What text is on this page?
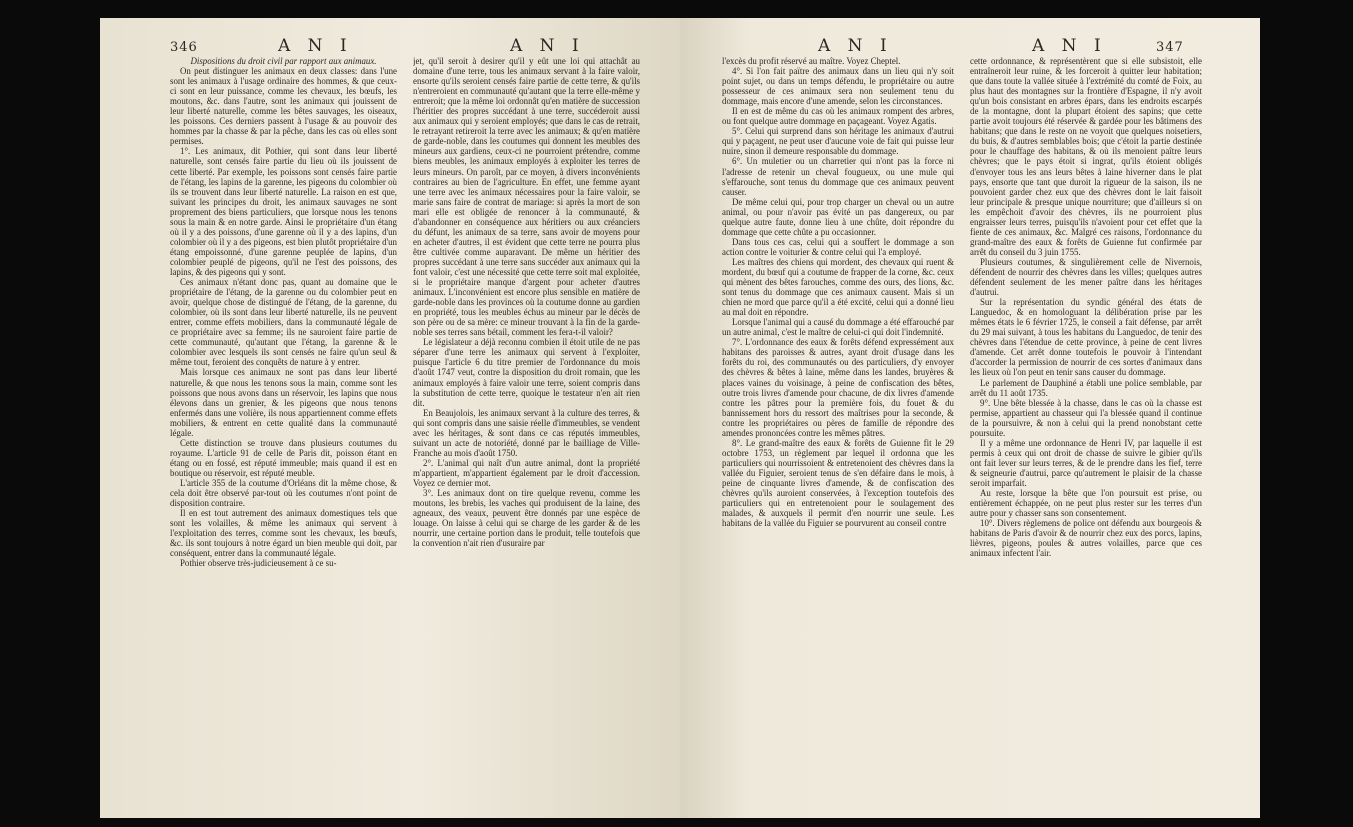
346	A N I	A N I

Dispositions du droit civil par rapport aux animaux.

On peut distinguer les animaux en deux classes: dans l'une sont les animaux à l'usage ordinaire des hommes, & que ceux-ci sont en leur puissance, comme les chevaux, les bœufs, les moutons, &c. dans l'autre, sont les animaux qui jouissent de leur liberté naturelle, comme les bêtes sauvages, les oiseaux, les poissons. Ces derniers passent à l'usage & au pouvoir des hommes par la chasse & par la pêche, dans les cas où elles sont permises.

1°. Les animaux, dit Pothier, qui sont dans leur liberté naturelle, sont censés faire partie du lieu où ils jouissent de cette liberté. Par exemple, les poissons sont censés faire partie de l'étang, les lapins de la garenne, les pigeons du colombier où ils se trouvent dans leur liberté naturelle. La raison en est que, suivant les principes du droit, les animaux sauvages ne sont proprement des biens particuliers, que lorsque nous les tenons sous la main & en notre garde. Ainsi le propriétaire d'un étang où il y a des poissons, d'une garenne où il y a des lapins, d'un colombier où il y a des pigeons, est bien plutôt propriétaire d'un étang empoissonné, d'une garenne peuplée de lapins, d'un colombier peuplé de pigeons, qu'il ne l'est des poissons, des lapins, & des pigeons qui y sont.

Ces animaux n'étant donc pas, quant au domaine que le propriétaire de l'étang, de la garenne ou du colombier peut en avoir, quelque chose de distingué de l'étang, de la garenne, du colombier, où ils sont dans leur liberté naturelle, ils ne peuvent entrer, comme effets mobiliers, dans la communauté légale de ce propriétaire avec sa femme; ils ne sauroient faire partie de cette communauté, qu'autant que l'étang, la garenne & le colombier avec lesquels ils sont censés ne faire qu'un seul & même tout, feroient des conquêts de nature à y entrer.

Mais lorsque ces animaux ne sont pas dans leur liberté naturelle, & que nous les tenons sous la main, comme sont les poissons que nous avons dans un réservoir, les lapins que nous élevons dans un grenier, & les pigeons que nous tenons enfermés dans une volière, ils nous appartiennent comme effets mobiliers, & entrent en cette qualité dans la communauté légale.

Cette distinction se trouve dans plusieurs coutumes du royaume. L'article 91 de celle de Paris dit, poisson étant en étang ou en fossé, est réputé immeuble; mais quand il est en boutique ou réservoir, est réputé meuble.

L'article 355 de la coutume d'Orléans dit la même chose, & cela doit être observé par-tout où les coutumes n'ont point de disposition contraire.

Il en est tout autrement des animaux domestiques tels que sont les volailles, & même les animaux qui servent à l'exploitation des terres, comme sont les chevaux, les bœufs, &c. ils sont toujours à notre égard un bien meuble qui doit, par conséquent, entrer dans la communauté légale.

Pothier observe très-judicieusement à ce su-

jet, qu'il seroit à desirer qu'il y eût une loi qui attachât au domaine d'une terre, tous les animaux servant à la faire valoir, ensorte qu'ils seroient censés faire partie de cette terre, & qu'ils n'entreroient en communauté qu'autant que la terre elle-même y entreroit; que la même loi ordonnât qu'en matière de succession l'héritier des propres succédant à une terre, succéderoit aussi aux animaux qui y seroient employés; que dans le cas de retrait, le retrayant retireroit la terre avec les animaux; & qu'en matière de garde-noble, dans les coutumes qui donnent les meubles des mineurs aux gardiens, ceux-ci ne pourroient prétendre, comme biens meubles, les animaux employés à exploiter les terres de leurs mineurs. On paroît, par ce moyen, à divers inconvénients contraires au bien de l'agriculture. En effet, une femme ayant une terre avec les animaux nécessaires pour la faire valoir, se marie sans faire de contrat de mariage: si après la mort de son mari elle est obligée de renoncer à la communauté, & d'abandonner en conséquence aux héritiers ou aux créanciers du défunt, les animaux de sa terre, sans avoir de moyens pour en acheter d'autres, il est évident que cette terre ne pourra plus être cultivée comme auparavant. De même un héritier des propres succédant à une terre sans succéder aux animaux qui la font valoir, c'est une nécessité que cette terre soit mal exploitée, si le propriétaire manque d'argent pour acheter d'autres animaux. L'inconvénient est encore plus sensible en matière de garde-noble dans les provinces où la coutume donne au gardien en propriété, tous les meubles échus au mineur par le décès de son père ou de sa mère: ce mineur trouvant à la fin de la garde-noble ses terres sans bétail, comment les fera-t-il valoir?

Le législateur a déjà reconnu combien il étoit utile de ne pas séparer d'une terre les animaux qui servent à l'exploiter, puisque l'article 6 du titre premier de l'ordonnance du mois d'août 1747 veut, contre la disposition du droit romain, que les animaux employés à faire valoir une terre, soient compris dans la substitution de cette terre, quoique le testateur n'en ait rien dit.

En Beaujolois, les animaux servant à la culture des terres, & qui sont compris dans une saisie réelle d'immeubles, se vendent avec les héritages, & sont dans ce cas réputés immeubles, suivant un acte de notoriété, donné par le bailliage de Ville-Franche au mois d'août 1750.

2°. L'animal qui naît d'un autre animal, dont la propriété m'appartient, m'appartient également par le droit d'accession. Voyez ce dernier mot.

3°. Les animaux dont on tire quelque revenu, comme les moutons, les brebis, les vaches qui produisent de la laine, des agneaux, des veaux, peuvent être donnés par une espèce de louage. On laisse à celui qui se charge de les garder & de les nourrir, une certaine portion dans le produit, telle toutefois que la convention n'ait rien d'usuraire par

A N I	A N I	347

l'excès du profit réservé au maître. Voyez Cheptel.

4°. Si l'on fait païtre des animaux dans un lieu qui n'y soit point sujet, ou dans un temps défendu, le propriétaire ou autre possesseur de ces animaux sera non seulement tenu du dommage, mais encore d'une amende, selon les circonstances.

Il en est de même du cas où les animaux rompent des arbres, ou font quelque autre dommage en paçageant. Voyez Agatis.

5°. Celui qui surprend dans son héritage les animaux d'autrui qui y paçagent, ne peut user d'aucune voie de fait qui puisse leur nuire, sinon il demeure responsable du dommage.

6°. Un muletier ou un charretier qui n'ont pas la force ni l'adresse de retenir un cheval fougueux, ou une mule qui s'effarouche, sont tenus du dommage que ces animaux peuvent causer.

De même celui qui, pour trop charger un cheval ou un autre animal, ou pour n'avoir pas évité un pas dangereux, ou par quelque autre faute, donne lieu à une chûte, doit répondre du dommage que cette chûte a pu occasionner.

Dans tous ces cas, celui qui a souffert le dommage a son action contre le voiturier & contre celui qui l'a employé.

Les maîtres des chiens qui mordent, des chevaux qui ruent & mordent, du bœuf qui a coutume de frapper de la corne, &c. ceux qui mènent des bêtes farouches, comme des ours, des lions, &c. sont tenus du dommage que ces animaux causent. Mais si un chien ne mord que parce qu'il a été excité, celui qui a donné lieu au mal doit en répondre.

Lorsque l'animal qui a causé du dommage a été effarouché par un autre animal, c'est le maître de celui-ci qui doit l'indemnité.

7°. L'ordonnance des eaux & forêts défend expressément aux habitans des paroisses & autres, ayant droit d'usage dans les forêts du roi, des communautés ou des particuliers, d'y envoyer des chèvres & bêtes à laine, même dans les landes, bruyères & places vaines du voisinage, à peine de confiscation des bêtes, outre trois livres d'amende pour chacune, de dix livres d'amende contre les pâtres pour la première fois, du fouet & du bannissement hors du ressort des maîtrises pour la seconde, & contre les propriétaires ou pères de famille de répondre des amendes prononcées contre les mêmes pâtres.

8°. Le grand-maître des eaux & forêts de Guienne fit le 29 octobre 1753, un règlement par lequel il ordonna que les particuliers qui nourrissoient & entretenoient des chèvres dans la vallée du Figuier, seroient tenus de s'en défaire dans le mois, à peine de cinquante livres d'amende, & de confiscation des chèvres qu'ils auroient conservées, à l'exception toutefois des particuliers qui en entretenoient pour le soulagement des malades, & auxquels il permit d'en nourrir une seule. Les habitans de la vallée du Figuier se pourvurent au conseil contre

cette ordonnance, & représentèrent que si elle subsistoit, elle entraîneroit leur ruine, & les forceroit à quitter leur habitation; que dans toute la vallée située à l'extrémité du comté de Foix, au plus haut des montagnes sur la frontière d'Espagne, il n'y avoit qu'un bois consistant en arbres épars, dans les endroits escarpés de la montagne, dont la plupart étoient des sapins; que cette partie avoit toujours été réservée & gardée pour les bâtimens des habitans; que dans le reste on ne voyoit que quelques noisetiers, du buis, & d'autres semblables bois; que c'étoit la partie destinée pour le chauffage des habitans, & où ils menoient paître leurs chèvres; que le pays étoit si ingrat, qu'ils étoient obligés d'envoyer tous les ans leurs bêtes à laine hiverner dans le plat pays, ensorte que tant que duroit la rigueur de la saison, ils ne pouvoient garder chez eux que des chèvres dont le lait faisoit leur principale & presque unique nourriture; que d'ailleurs si on les empêchoit d'avoir des chèvres, ils ne pourroient plus engraisser leurs terres, puisqu'ils n'avoient pour cet effet que la fiente de ces animaux, &c. Malgré ces raisons, l'ordonnance du grand-maître des eaux & forêts de Guienne fut confirmée par arrêt du conseil du 3 juin 1755.

Plusieurs coutumes, & singulièrement celle de Nivernois, défendent de nourrir des chèvres dans les villes; quelques autres défendent seulement de les mener paître dans les héritages d'autrui.

Sur la représentation du syndic général des états de Languedoc, & en homologuant la délibération prise par les mêmes états le 6 février 1725, le conseil a fait défense, par arrêt du 29 mai suivant, à tous les habitans du Languedoc, de tenir des chèvres dans l'étendue de cette province, à peine de cent livres d'amende. Cet arrêt donne toutefois le pouvoir à l'intendant d'accorder la permission de nourrir de ces sortes d'animaux dans les lieux où l'on peut en tenir sans causer du dommage.

Le parlement de Dauphiné a établi une police semblable, par arrêt du 11 août 1735.

9°. Une bête blessée à la chasse, dans le cas où la chasse est permise, appartient au chasseur qui l'a blessée quand il continue de la poursuivre, & non à celui qui la prend nonobstant cette poursuite.

Il y a même une ordonnance de Henri IV, par laquelle il est permis à ceux qui ont droit de chasse de suivre le gibier qu'ils ont fait lever sur leurs terres, & de le prendre dans les fief, terre & seigneurie d'autrui, parce qu'autrement le plaisir de la chasse seroit imparfait.

Au reste, lorsque la bête que l'on poursuit est prise, ou entièrement échappée, on ne peut plus rester sur les terres d'un autre pour y chasser sans son consentement.

10°. Divers règlemens de police ont défendu aux bourgeois & habitans de Paris d'avoir & de nourrir chez eux des porcs, lapins, lièvres, pigeons, poules & autres volailles, parce que ces animaux infectent l'air.
